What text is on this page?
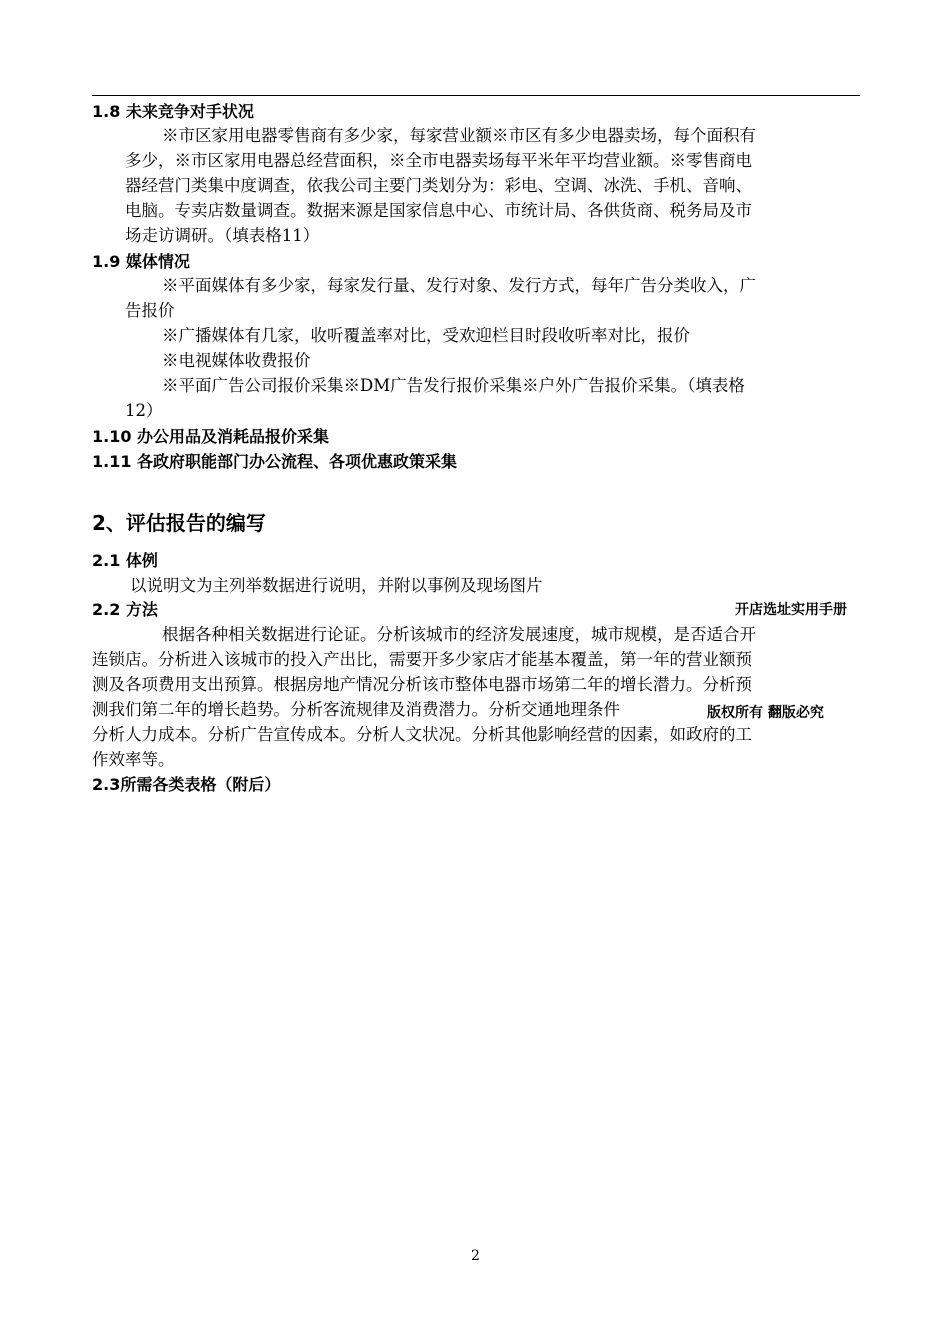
1.8 未来竞争对手状况
※市区家用电器零售商有多少家，每家营业额※市区有多少电器卖场，每个面积有
多少，※市区家用电器总经营面积，※全市电器卖场每平米年平均营业额。※零售商电
器经营门类集中度调查，依我公司主要门类划分为：彩电、空调、冰洗、手机、音响、
电脑。专卖店数量调查。数据来源是国家信息中心、市统计局、各供货商、税务局及市
场走访调研。（填表格11）
1.9 媒体情况
※平面媒体有多少家，每家发行量、发行对象、发行方式，每年广告分类收入，广
告报价
※广播媒体有几家，收听覆盖率对比，受欢迎栏目时段收听率对比，报价
※电视媒体收费报价
※平面广告公司报价采集※DM广告发行报价采集※户外广告报价采集。（填表格
12）
1.10 办公用品及消耗品报价采集
1.11 各政府职能部门办公流程、各项优惠政策采集
2、评估报告的编写
2.1 体例
以说明文为主列举数据进行说明，并附以事例及现场图片
2.2 方法
根据各种相关数据进行论证。分析该城市的经济发展速度，城市规模，是否适合开
连锁店。分析进入该城市的投入产出比，需要开多少家店才能基本覆盖，第一年的营业额预
测及各项费用支出预算。根据房地产情况分析该市整体电器市场第二年的增长潜力。分析预
测我们第二年的增长趋势。分析客流规律及消费潜力。分析交通地理条件
分析人力成本。分析广告宣传成本。分析人文状况。分析其他影响经营的因素，如政府的工
作效率等。
2.3所需各类表格（附后）
开店选址实用手册
版权所有 翻版必究
2
